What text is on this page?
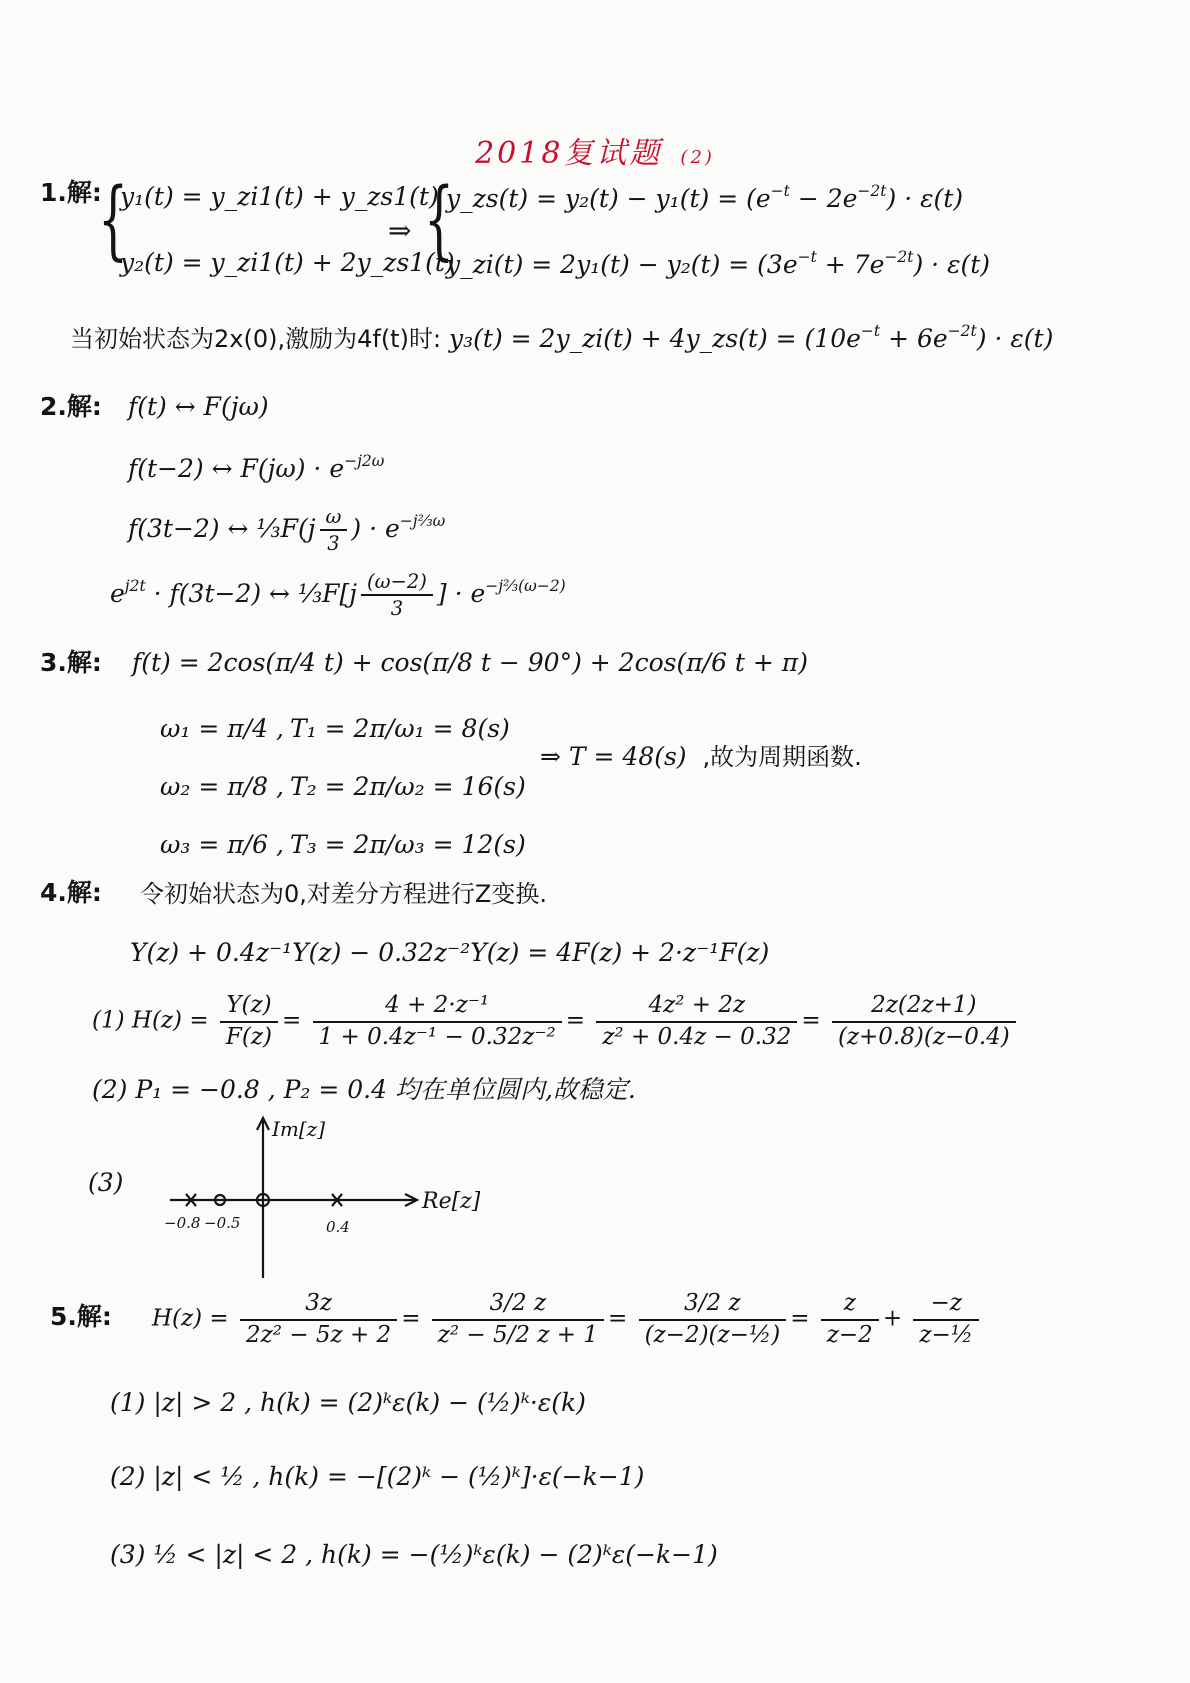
2018复试题 (2)
1.解:
{
y₁(t) = y_zi1(t) + y_zs1(t)
y₂(t) = y_zi1(t) + 2y_zs1(t)
⇒ {
y_zs(t) = $y_2(t) - y_1(t) = (e^{-t} - 2e^{-2t}) \cdot \varepsilon(t)$
y_zi(t) = $2y_1(t) - y_2(t) = (3e^{-t} + 7e^{-2t}) \cdot \varepsilon(t)$
当初始状态为2x(0),激励为4f(t)时: y₃(t) = 2y_zi(t) + 4y_zs(t) = $(10e^{-t} + 6e^{-2t}) \cdot \varepsilon(t)$
2.解: f(t) ↔ F(jω)
f(t−2) ↔ $F(j\omega) \cdot e^{-j2\omega}$
f(3t−2) ↔ ⅓F(j $\frac{\omega}{3}$ ) · $e^{-j\frac{2}{3}\omega}$
$e^{j2t} \cdot f(3t-2)$ ↔ ⅓F[j $\frac{(\omega-2)}{3}$ ] · $e^{-j\frac{2}{3}(\omega-2)}$
3.解: f(t) = 2cos(π/4 t) + cos(π/8 t − 90°) + 2cos(π/6 t + π)
ω₁ = π/4 , T₁ = 2π/ω₁ = 8(s)
ω₂ = π/8 , T₂ = 2π/ω₂ = 16(s)
ω₃ = π/6 , T₃ = 2π/ω₃ = 12(s)
⇒ T = 48(s) ,故为周期函数.
4.解: 令初始状态为0,对差分方程进行Z变换.
Y(z) + 0.4z⁻¹Y(z) − 0.32z⁻²Y(z) = 4F(z) + 2·z⁻¹F(z)
(1) $H(z) = \frac{Y(z)}{F(z)} = \frac{\text{4 + 2·z⁻¹}}{\text{1 + 0.4z⁻¹ − 0.32z⁻²}} = \frac{\text{4z² + 2z}}{\text{z² + 0.4z − 0.32}} = \frac{2z(2z+1)}{(z+0.8)(z-0.4)}$
(2) P₁ = −0.8 , P₂ = 0.4 均在单位圆内,故稳定.
(3)
Im[z]
Re[z]
−0.8 −0.5	0.4
5.解: $H(z) = \frac{3z}{\text{2z² − 5z + 2}} = \frac{3/2 z}{\text{z² − 5/2 z + 1}} = \frac{3/2 z}{\text{(z−2)(z−½)}} = \frac{z}{z-2} + \frac{-z}{\text{z−½}}$
(1) |z| > 2 , h(k) = (2)ᵏε(k) − (½)ᵏ·ε(k)
(2) |z| < ½ , h(k) = −[(2)ᵏ − (½)ᵏ]·ε(−k−1)
(3) ½ < |z| < 2 , h(k) = −(½)ᵏε(k) − (2)ᵏε(−k−1)
